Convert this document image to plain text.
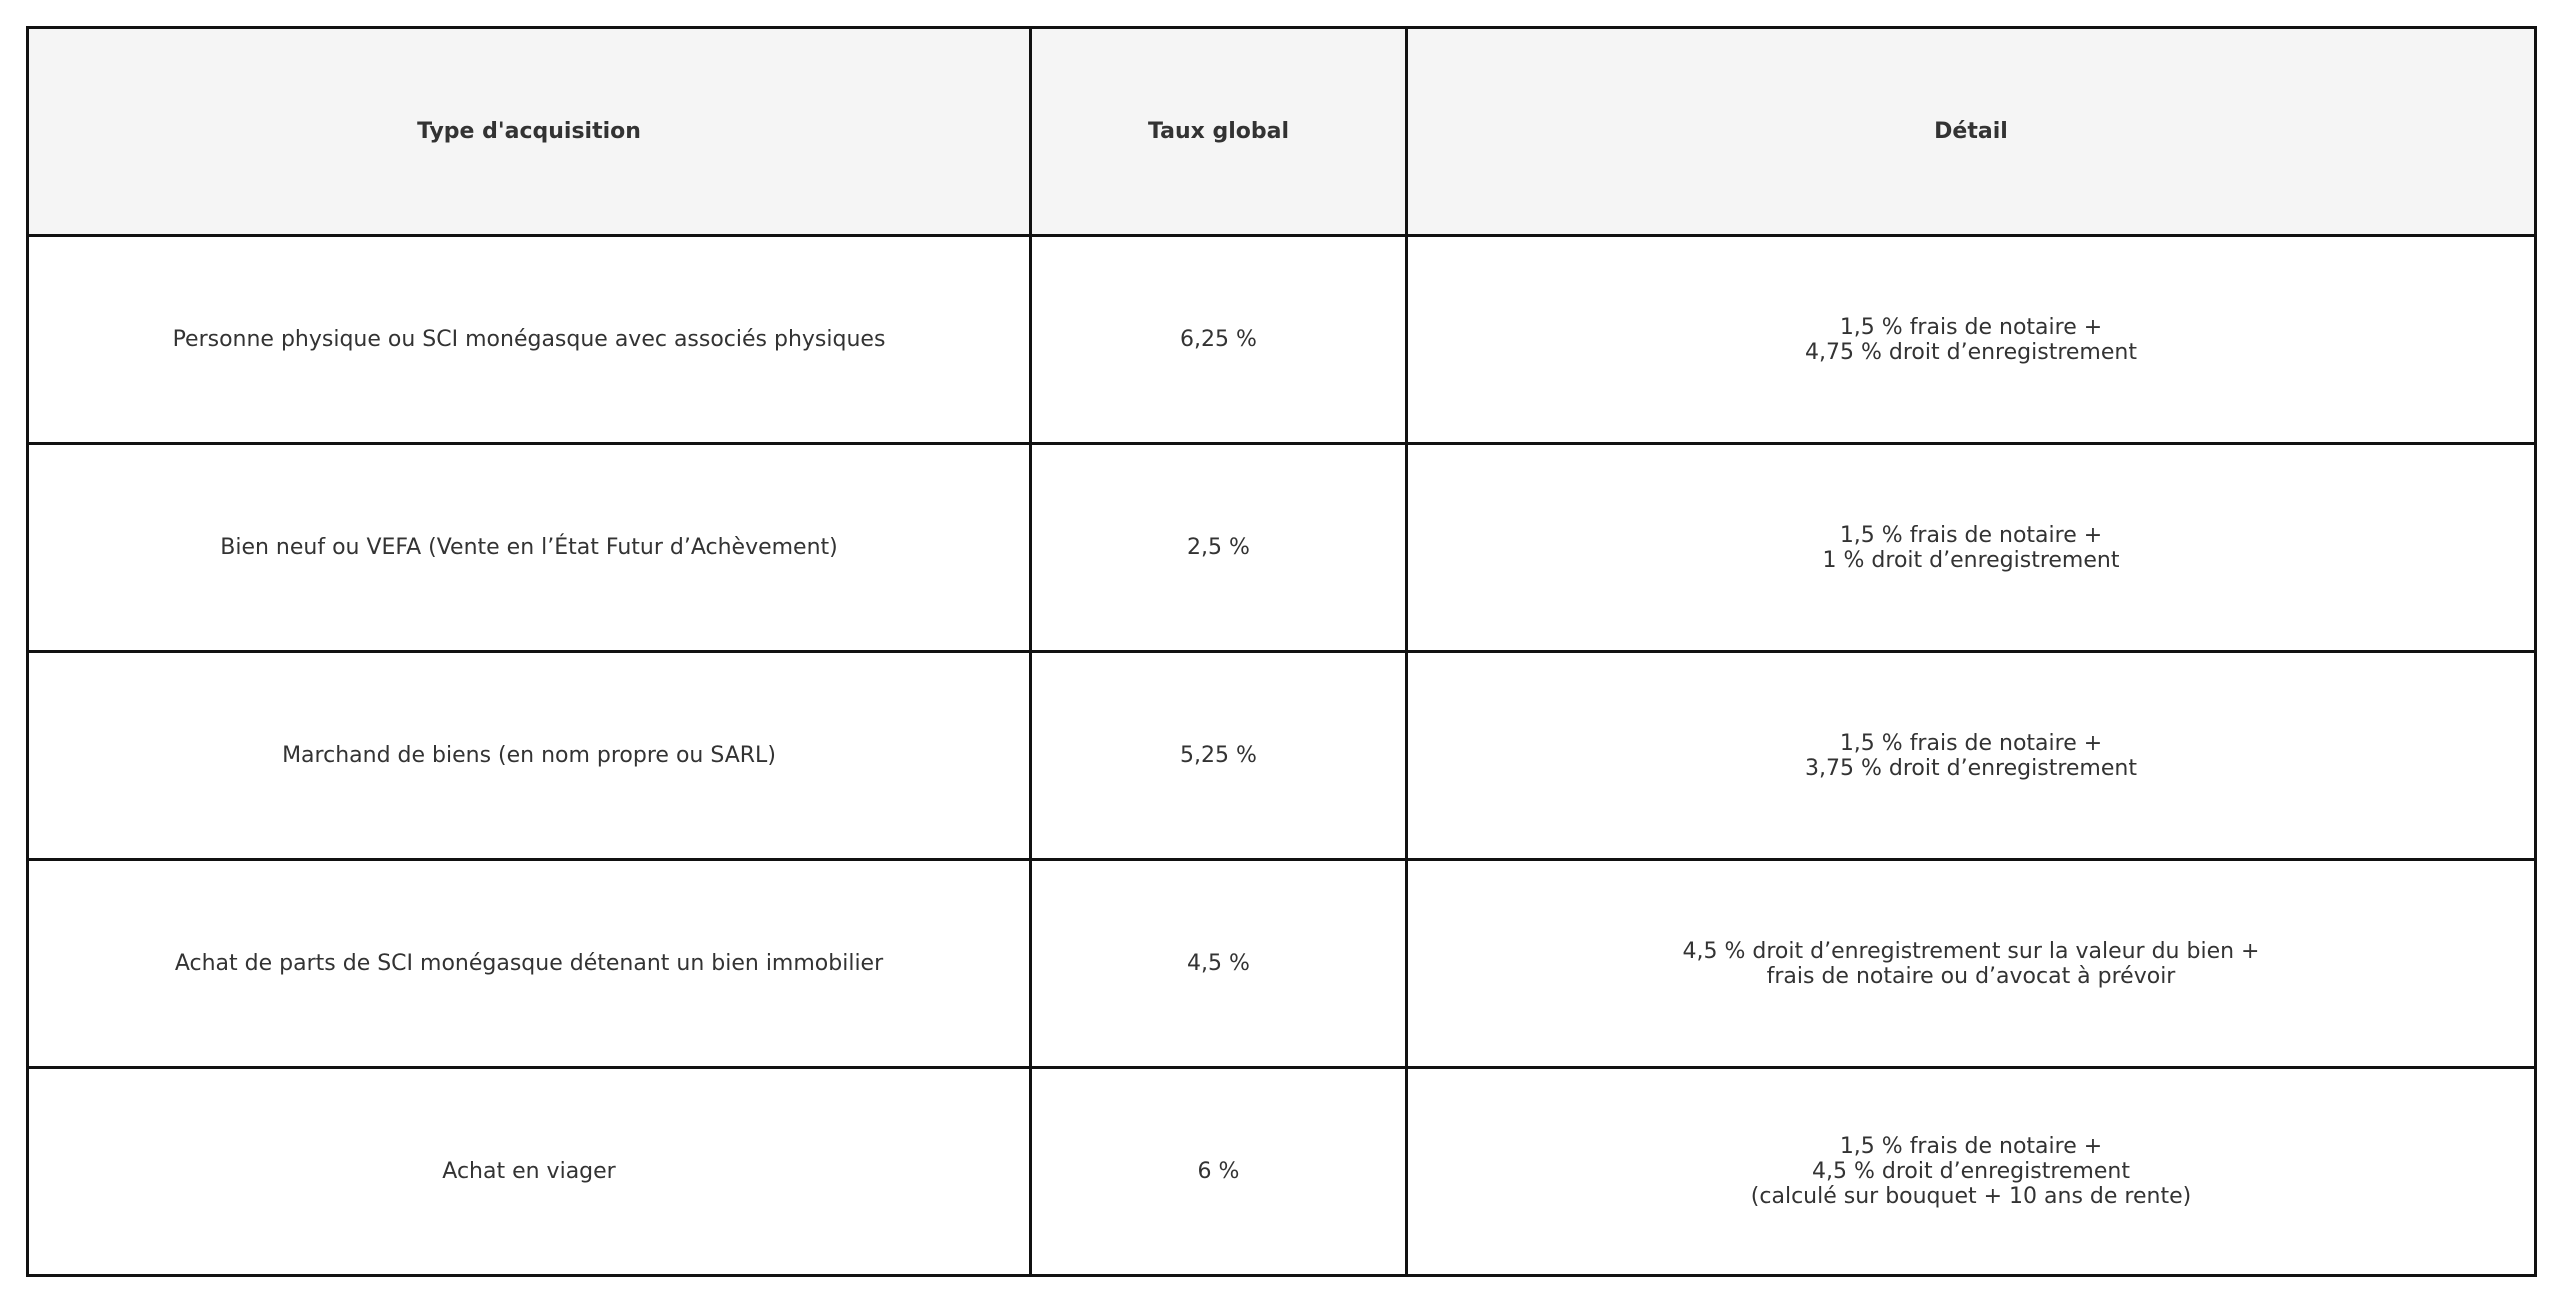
Type d'acquisition	Taux global	Détail
Personne physique ou SCI monégasque avec associés physiques	6,25 %	1,5 % frais de notaire +
4,75 % droit d’enregistrement

Bien neuf ou VEFA (Vente en l’État Futur d’Achèvement)	2,5 %	1,5 % frais de notaire +
1 % droit d’enregistrement

Marchand de biens (en nom propre ou SARL)	5,25 %	1,5 % frais de notaire +
3,75 % droit d’enregistrement

Achat de parts de SCI monégasque détenant un bien immobilier	4,5 %	4,5 % droit d’enregistrement sur la valeur du bien +
frais de notaire ou d’avocat à prévoir

Achat en viager	6 %	1,5 % frais de notaire +
4,5 % droit d’enregistrement
(calculé sur bouquet + 10 ans de rente)
